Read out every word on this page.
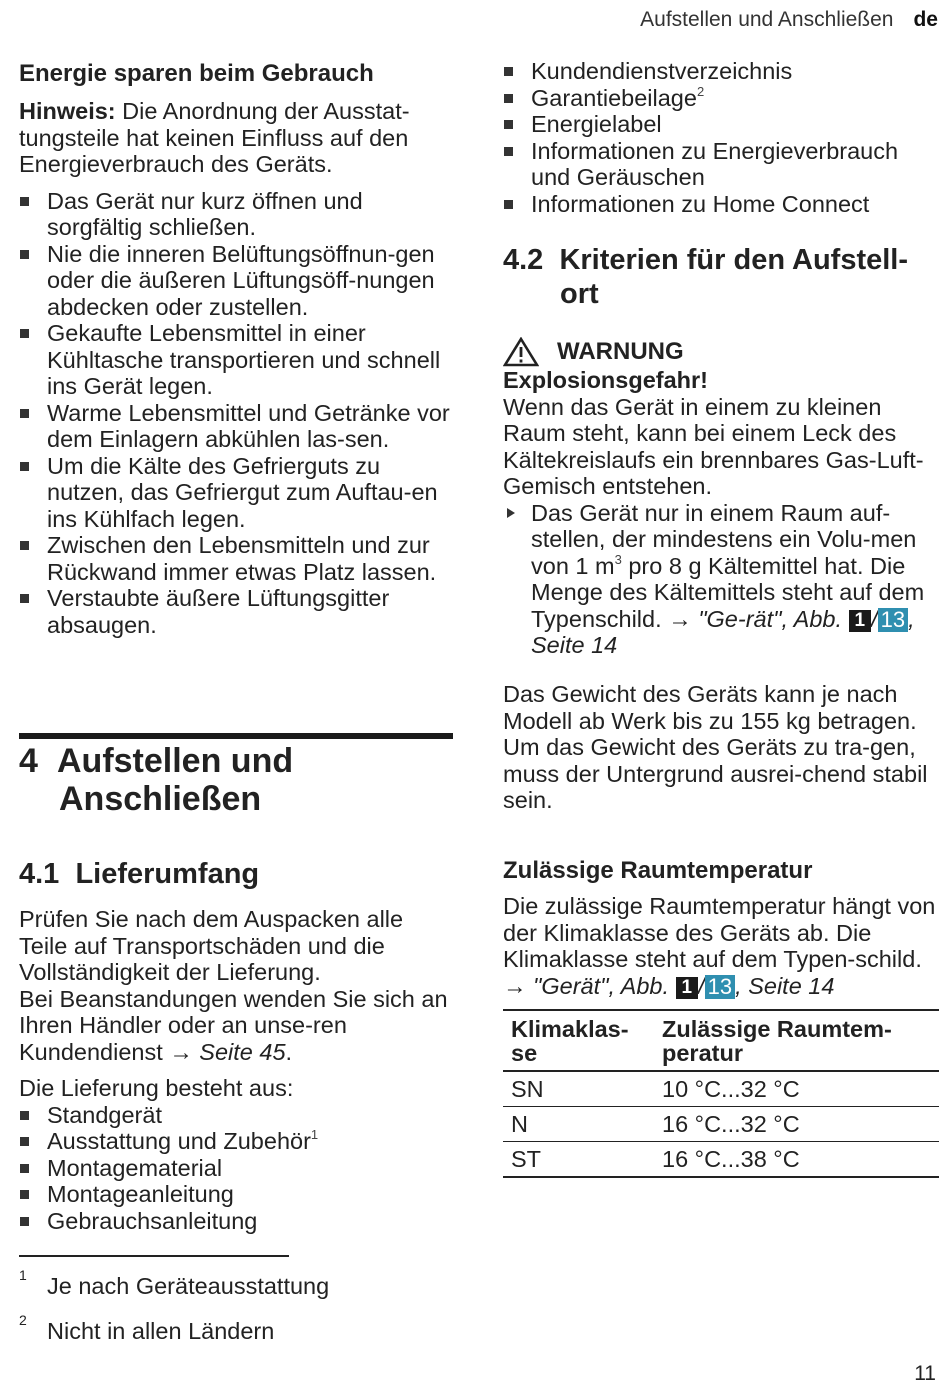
Aufstellen und Anschließen de
Energie sparen beim Gebrauch

Hinweis: Die Anordnung der Ausstat-tungsteile hat keinen Einfluss auf den Energieverbrauch des Geräts.

Das Gerät nur kurz öffnen und sorgfältig schließen.
Nie die inneren Belüftungsöffnun-gen oder die äußeren Lüftungsöff-nungen abdecken oder zustellen.
Gekaufte Lebensmittel in einer Kühltasche transportieren und schnell ins Gerät legen.
Warme Lebensmittel und Getränke vor dem Einlagern abkühlen las-sen.
Um die Kälte des Gefrierguts zu nutzen, das Gefriergut zum Auftau-en ins Kühlfach legen.
Zwischen den Lebensmitteln und zur Rückwand immer etwas Platz lassen.
Verstaubte äußere Lüftungsgitter absaugen.
4 Aufstellen und
Anschließen
4.1 Lieferumfang

Prüfen Sie nach dem Auspacken alle Teile auf Transportschäden und die Vollständigkeit der Lieferung.

Bei Beanstandungen wenden Sie sich an Ihren Händler oder an unse-ren Kundendienst → Seite 45.

Die Lieferung besteht aus:

Standgerät
Ausstattung und Zubehör$^1$
Montagematerial
Montageanleitung
Gebrauchsanleitung
1 Je nach Geräteausstattung
2 Nicht in allen Ländern
Kundendienstverzeichnis
Garantiebeilage$^2$
Energielabel
Informationen zu Energieverbrauch und Geräuschen
Informationen zu Home Connect
4.2 Kriterien für den Aufstell-
ort
WARNUNG

Explosionsgefahr!

Wenn das Gerät in einem zu kleinen Raum steht, kann bei einem Leck des Kältekreislaufs ein brennbares Gas-Luft-Gemisch entstehen.

Das Gerät nur in einem Raum auf-stellen, der mindestens ein Volu-men von 1 $m^3$ pro 8 g Kältemittel hat. Die Menge des Kältemittels steht auf dem Typenschild. → "Ge-rät", Abb. 1 / 13 , Seite 14

Das Gewicht des Geräts kann je nach Modell ab Werk bis zu 155 kg betragen.

Um das Gewicht des Geräts zu tra-gen, muss der Untergrund ausrei-chend stabil sein.

Zulässige Raumtemperatur

Die zulässige Raumtemperatur hängt von der Klimaklasse des Geräts ab. Die Klimaklasse steht auf dem Typen-schild. → "Gerät", Abb. 1 / 13 , Seite 14

Klimaklas-se	Zulässige Raumtem-peratur
SN	10 °C...32 °C
N	16 °C...32 °C
ST	16 °C...38 °C
11
